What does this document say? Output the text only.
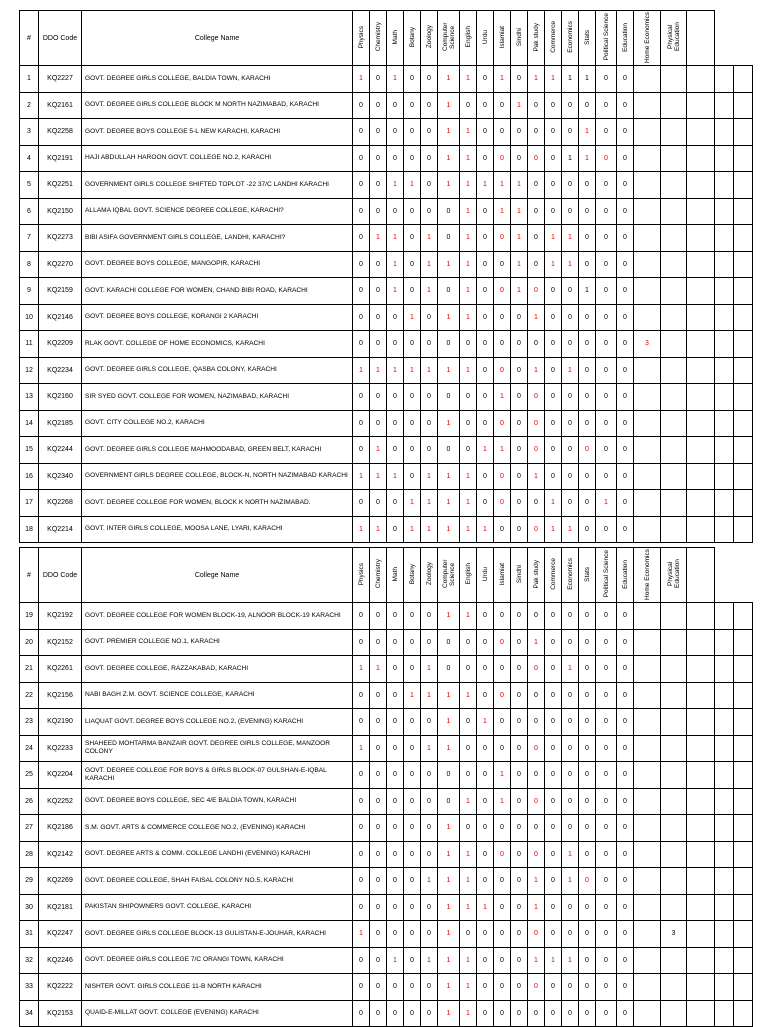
#	DDO Code	College Name	Physics	Chemistry	Math	Botany	Zoology	Computer Science	English	Urdu	Islamiat	Sindhi	Pak study	Commerce	Economics	Stats	Political Science	Education	Home Economics	Physical Education			
1	KQ2227	GOVT. DEGREE GIRLS COLLEGE, BALDIA TOWN, KARACHI	1	0	1	0	0	1	1	0	1	0	1	1	1	1	0	0					
2	KQ2161	GOVT. DEGREE GIRLS COLLEGE BLOCK M NORTH NAZIMABAD, KARACHI	0	0	0	0	0	1	0	0	0	1	0	0	0	0	0	0					
3	KQ2258	GOVT. DEGREE BOYS COLLEGE 5-L NEW KARACHI, KARACHI	0	0	0	0	0	1	1	0	0	0	0	0	0	1	0	0					
4	KQ2191	HAJI ABDULLAH HAROON GOVT. COLLEGE NO.2, KARACHI	0	0	0	0	0	1	1	0	0	0	0	0	1	1	0	0					
5	KQ2251	GOVERNMENT GIRLS COLLEGE SHIFTED TOPLOT -22 37/C LANDHI KARACHI	0	0	1	1	0	1	1	1	1	1	0	0	0	0	0	0					
6	KQ2150	ALLAMA IQBAL GOVT. SCIENCE DEGREE COLLEGE, KARACHI?	0	0	0	0	0	0	1	0	1	1	0	0	0	0	0	0					
7	KQ2273	BIBI ASIFA GOVERNMENT GIRLS COLLEGE, LANDHI, KARACHI?	0	1	1	0	1	0	1	0	0	1	0	1	1	0	0	0					
8	KQ2270	GOVT. DEGREE BOYS COLLEGE, MANGOPIR, KARACHI	0	0	1	0	1	1	1	0	0	1	0	1	1	0	0	0					
9	KQ2159	GOVT. KARACHI COLLEGE FOR WOMEN, CHAND BIBI ROAD, KARACHI	0	0	1	0	1	0	1	0	0	1	0	0	0	1	0	0					
10	KQ2146	GOVT. DEGREE BOYS COLLEGE, KORANGI 2 KARACHI	0	0	0	1	0	1	1	0	0	0	1	0	0	0	0	0					
11	KQ2209	RLAK GOVT. COLLEGE OF HOME ECONOMICS, KARACHI	0	0	0	0	0	0	0	0	0	0	0	0	0	0	0	0	3				
12	KQ2234	GOVT. DEGREE GIRLS COLLEGE, QASBA COLONY, KARACHI	1	1	1	1	1	1	1	0	0	0	1	0	1	0	0	0					
13	KQ2160	SIR SYED GOVT. COLLEGE FOR WOMEN, NAZIMABAD, KARACHI	0	0	0	0	0	0	0	0	1	0	0	0	0	0	0	0					
14	KQ2185	GOVT. CITY COLLEGE NO.2, KARACHI	0	0	0	0	0	1	0	0	0	0	0	0	0	0	0	0					
15	KQ2244	GOVT. DEGREE GIRLS COLLEGE MAHMOODABAD, GREEN BELT, KARACHI	0	1	0	0	0	0	0	1	1	0	0	0	0	0	0	0					
16	KQ2340	GOVERNMENT GIRLS DEGREE COLLEGE, BLOCK-N, NORTH NAZIMABAD KARACHI	1	1	1	0	1	1	1	0	0	0	1	0	0	0	0	0					
17	KQ2268	GOVT. DEGREE COLLEGE FOR WOMEN, BLOCK K NORTH NAZIMABAD.	0	0	0	1	1	1	1	0	0	0	0	1	0	0	1	0					
18	KQ2214	GOVT. INTER GIRLS COLLEGE, MOOSA LANE, LYARI, KARACHI	1	1	0	1	1	1	1	1	0	0	0	1	1	0	0	0					
#	DDO Code	College Name	Physics	Chemistry	Math	Botany	Zoology	Computer Science	English	Urdu	Islamiat	Sindhi	Pak study	Commerce	Economics	Stats	Political Science	Education	Home Economics	Physical Education			
19	KQ2192	GOVT. DEGREE COLLEGE FOR WOMEN BLOCK-19, ALNOOR BLOCK-19 KARACHI	0	0	0	0	0	1	1	0	0	0	0	0	0	0	0	0					
20	KQ2152	GOVT. PREMIER COLLEGE NO.1, KARACHI	0	0	0	0	0	0	0	0	0	0	1	0	0	0	0	0					
21	KQ2261	GOVT. DEGREE COLLEGE, RAZZAKABAD, KARACHI	1	1	0	0	1	0	0	0	0	0	0	0	1	0	0	0					
22	KQ2156	NABI BAGH Z.M. GOVT. SCIENCE COLLEGE, KARACHI	0	0	0	1	1	1	1	0	0	0	0	0	0	0	0	0					
23	KQ2190	LIAQUAT GOVT. DEGREE BOYS COLLEGE NO.2, (EVENING) KARACHI	0	0	0	0	0	1	0	1	0	0	0	0	0	0	0	0					
24	KQ2233	SHAHEED MOHTARMA BANZAIR GOVT. DEGREE GIRLS COLLEGE, MANZOOR COLONY	1	0	0	0	1	1	0	0	0	0	0	0	0	0	0	0					
25	KQ2204	GOVT. DEGREE COLLEGE FOR BOYS & GIRLS BLOCK-07 GULSHAN-E-IQBAL KARACHI	0	0	0	0	0	0	0	0	1	0	0	0	0	0	0	0					
26	KQ2252	GOVT. DEGREE BOYS COLLEGE, SEC 4/E BALDIA TOWN, KARACHI	0	0	0	0	0	0	1	0	1	0	0	0	0	0	0	0					
27	KQ2186	S.M. GOVT. ARTS & COMMERCE COLLEGE NO.2, (EVENING) KARACHI	0	0	0	0	0	1	0	0	0	0	0	0	0	0	0	0					
28	KQ2142	GOVT. DEGREE ARTS & COMM. COLLEGE LANDHI (EVENING) KARACHI	0	0	0	0	0	1	1	0	0	0	0	0	1	0	0	0					
29	KQ2269	GOVT. DEGREE COLLEGE, SHAH FAISAL COLONY NO.5, KARACHI	0	0	0	0	1	1	1	0	0	0	1	0	1	0	0	0					
30	KQ2181	PAKISTAN SHIPOWNERS GOVT. COLLEGE, KARACHI	0	0	0	0	0	1	1	1	0	0	1	0	0	0	0	0					
31	KQ2247	GOVT. DEGREE GIRLS COLLEGE BLOCK-13 GULISTAN-E-JOUHAR, KARACHI	1	0	0	0	0	1	0	0	0	0	0	0	0	0	0	0		3			
32	KQ2246	GOVT. DEGREE GIRLS COLLEGE 7/C ORANGI TOWN, KARACHI	0	0	1	0	1	1	1	0	0	0	1	1	1	0	0	0					
33	KQ2222	NISHTER GOVT. GIRLS COLLEGE 11-B NORTH KARACHI	0	0	0	0	0	1	1	0	0	0	0	0	0	0	0	0					
34	KQ2153	QUAID-E-MILLAT GOVT. COLLEGE (EVENING) KARACHI	0	0	0	0	0	1	1	0	0	0	0	0	0	0	0	0					
